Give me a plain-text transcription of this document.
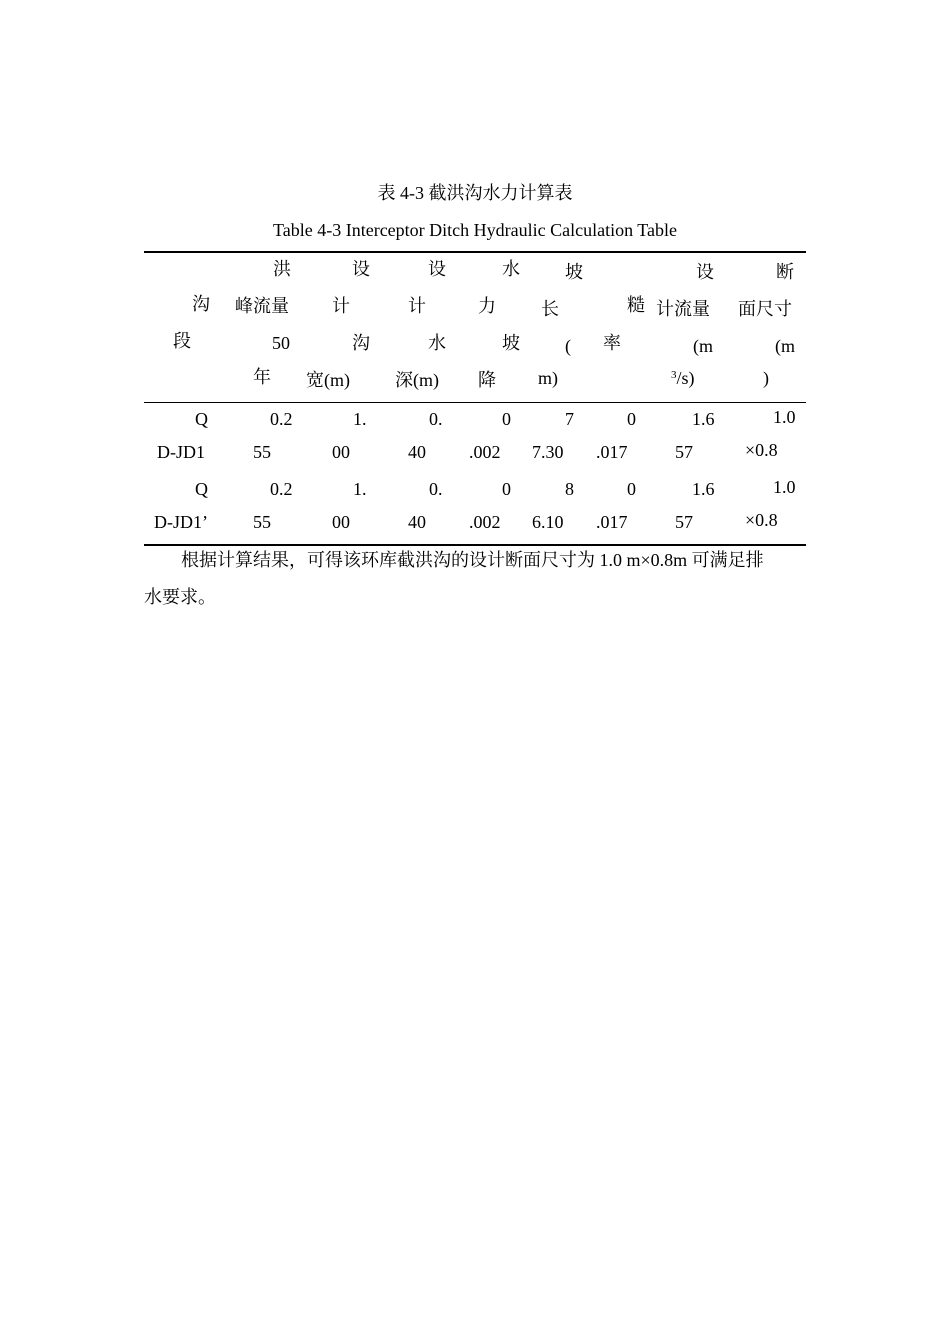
表 4-3 截洪沟水力计算表
Table 4-3 Interceptor Ditch Hydraulic Calculation Table
沟
段
洪
峰流量
50
年
设
计
沟
宽(m)
设
计
水
深(m)
水
力
坡
降
坡
长
(
m)
糙
率
设
计流量
(m
$^3$/s)
断
面尺寸
(m
)
Q
D-JD1
0.2
55
1.
00
0.
40
0
.002
7
7.30
0
.017
1.6
57
1.0
×0.8
Q
D-JD1’
0.2
55
1.
00
0.
40
0
.002
8
6.10
0
.017
1.6
57
1.0
×0.8
根据计算结果，可得该环库截洪沟的设计断面尺寸为 1.0 m×0.8m 可满足排
水要求。
